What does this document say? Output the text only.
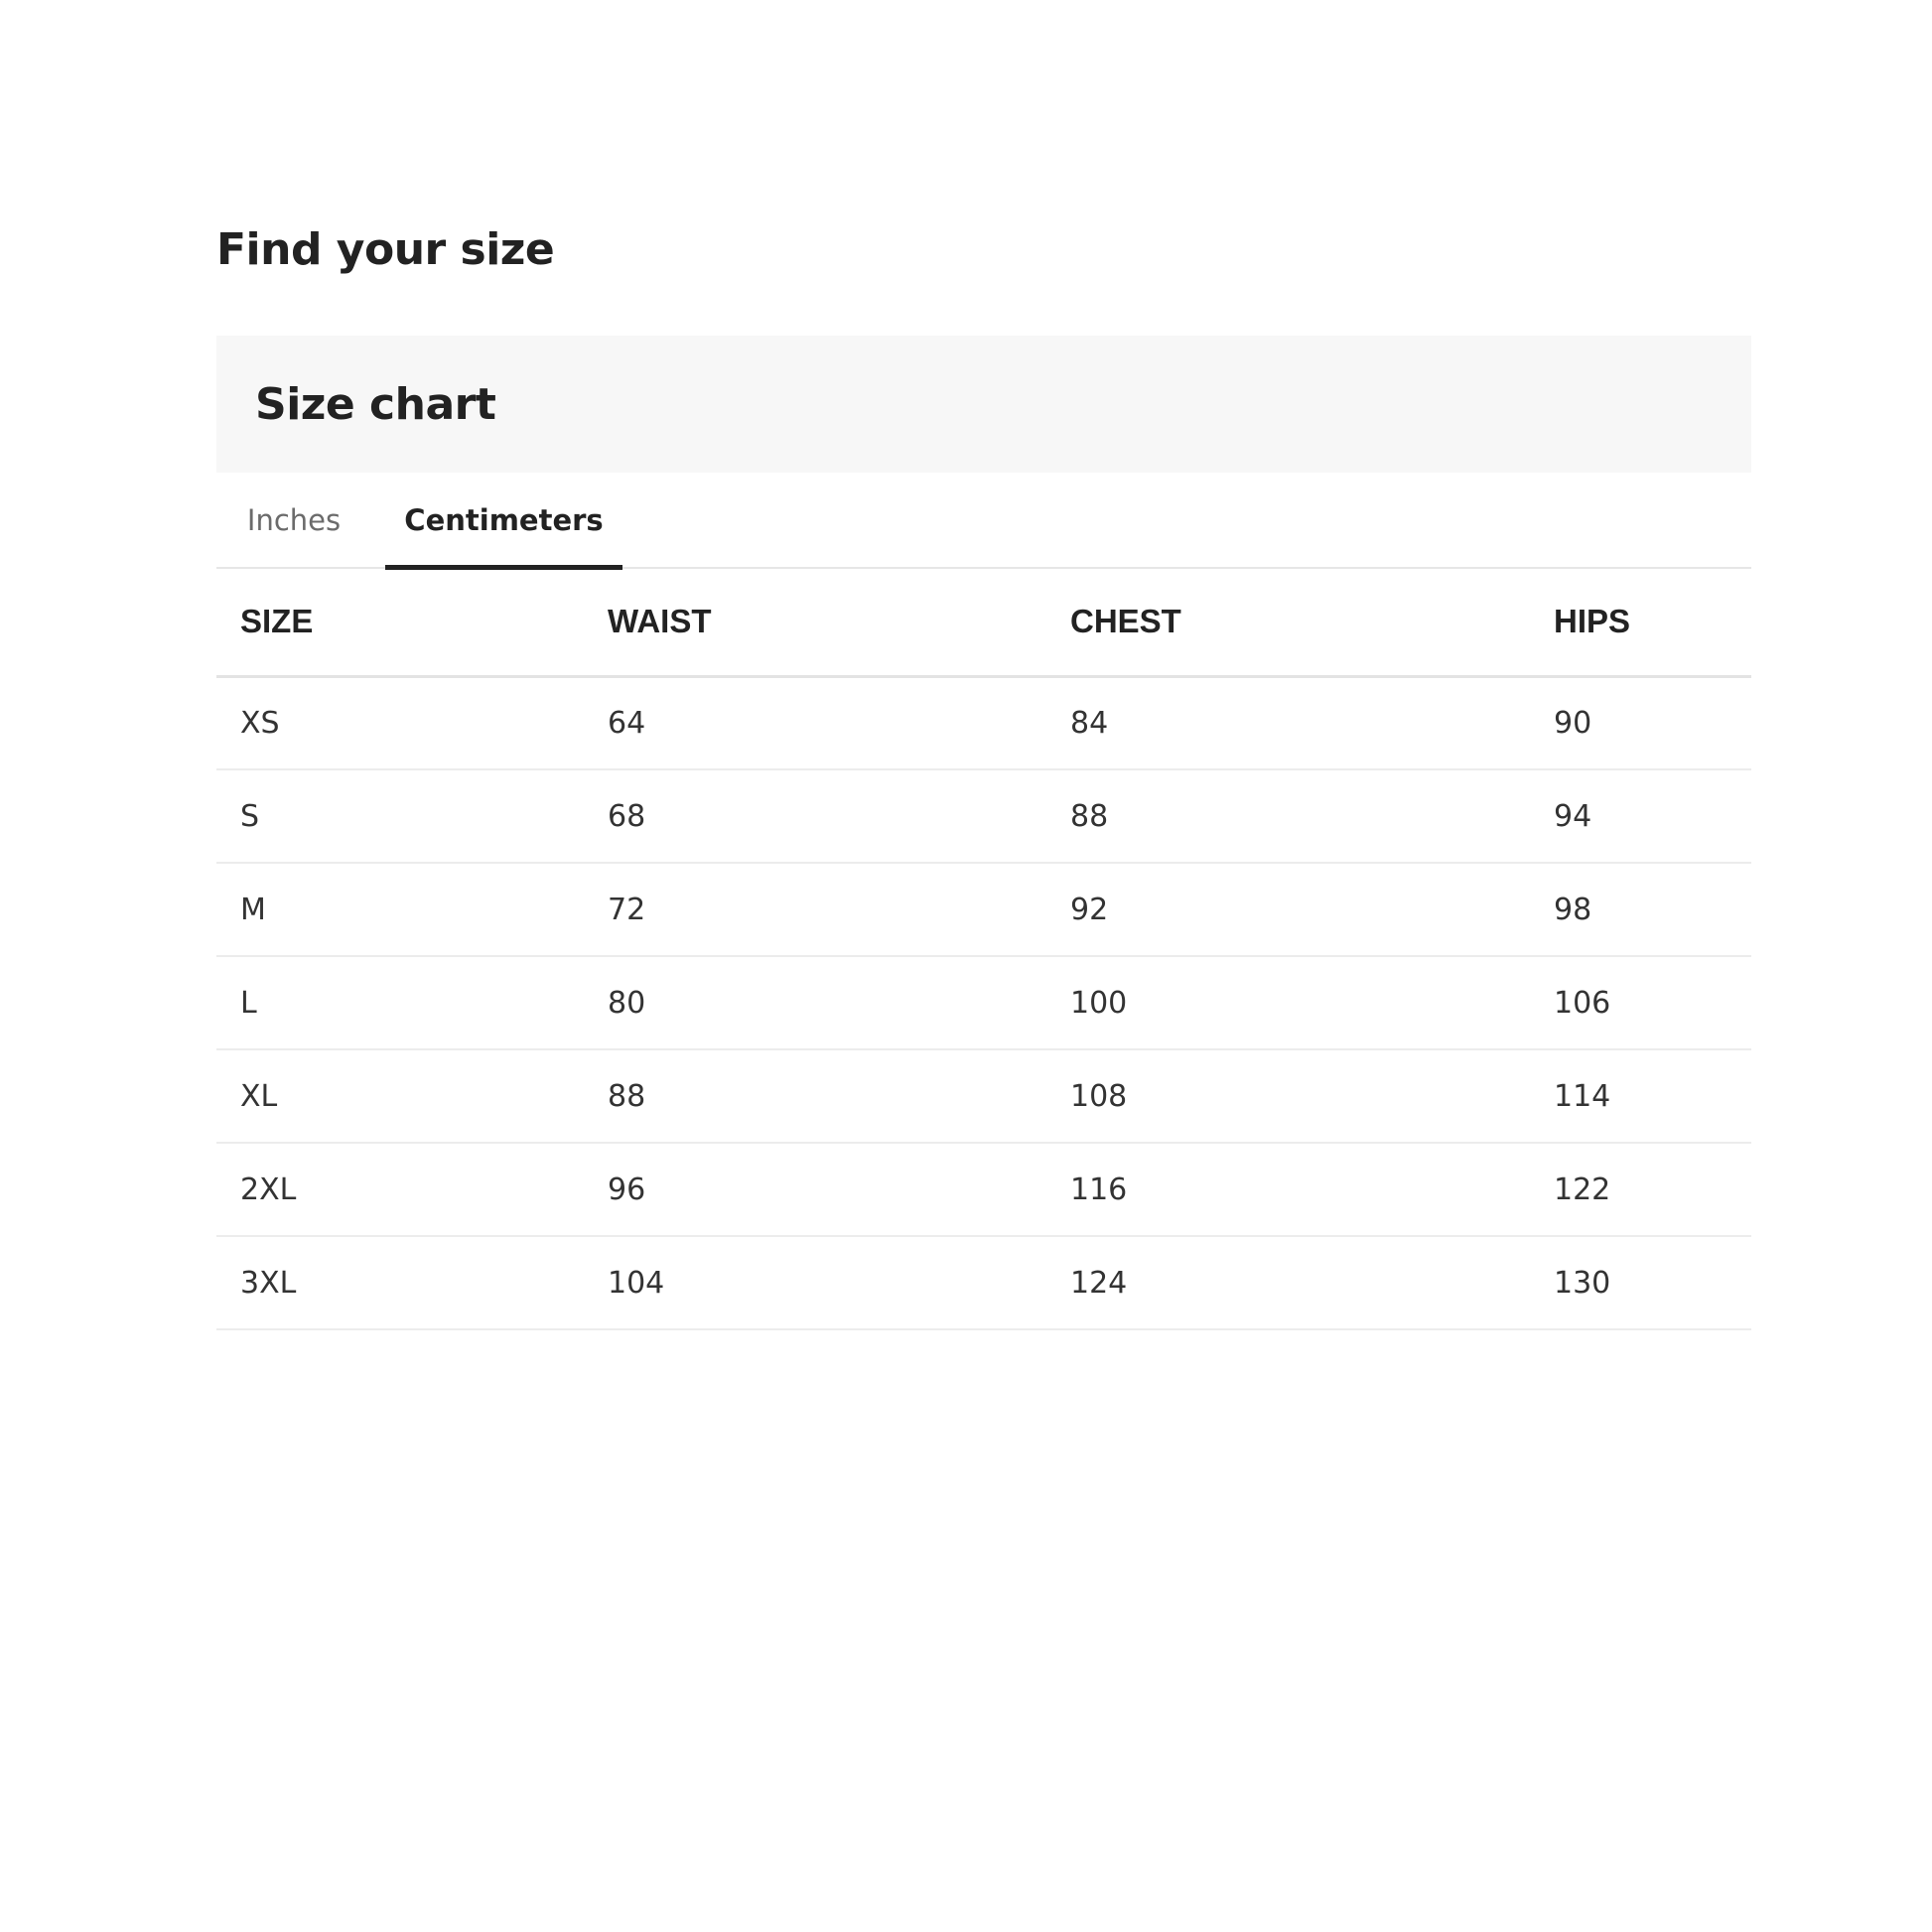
Find your size
Size chart
Inches	Centimeters
SIZE	WAIST	CHEST	HIPS
XS	64	84	90
S	68	88	94
M	72	92	98
L	80	100	106
XL	88	108	114
2XL	96	116	122
3XL	104	124	130
